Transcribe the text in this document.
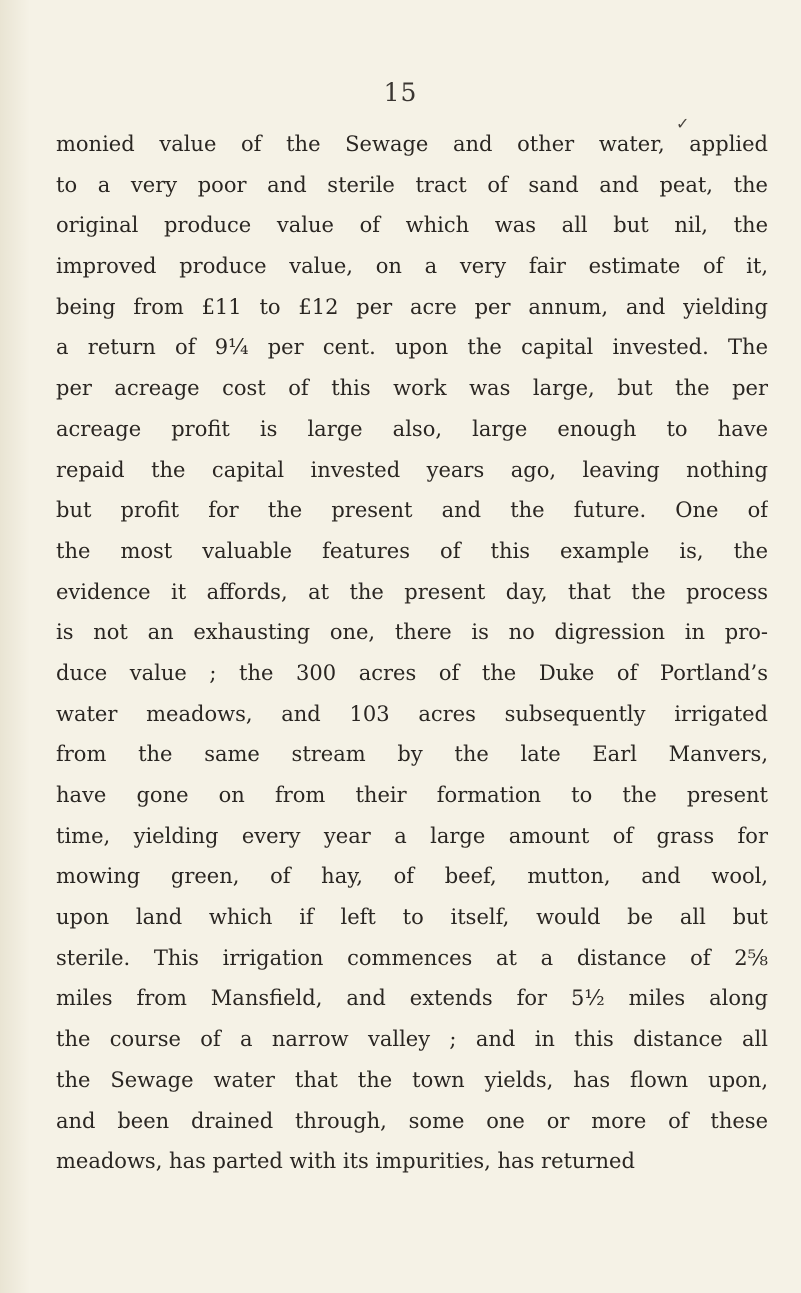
15
✓
monied value of the Sewage and other water, applied
to a very poor and sterile tract of sand and peat, the
original produce value of which was all but nil, the
improved produce value, on a very fair estimate of it,
being from £11 to £12 per acre per annum, and yielding
a return of 9¼ per cent. upon the capital invested. The
per acreage cost of this work was large, but the per
acreage profit is large also, large enough to have
repaid the capital invested years ago, leaving nothing
but profit for the present and the future. One of
the most valuable features of this example is, the
evidence it affords, at the present day, that the process
is not an exhausting one, there is no digression in pro-
duce value ; the 300 acres of the Duke of Portland’s
water meadows, and 103 acres subsequently irrigated
from the same stream by the late Earl Manvers,
have gone on from their formation to the present
time, yielding every year a large amount of grass for
mowing green, of hay, of beef, mutton, and wool,
upon land which if left to itself, would be all but
sterile. This irrigation commences at a distance of 2⅝
miles from Mansfield, and extends for 5½ miles along
the course of a narrow valley ; and in this distance all
the Sewage water that the town yields, has flown upon,
and been drained through, some one or more of these
meadows, has parted with its impurities, has returned
